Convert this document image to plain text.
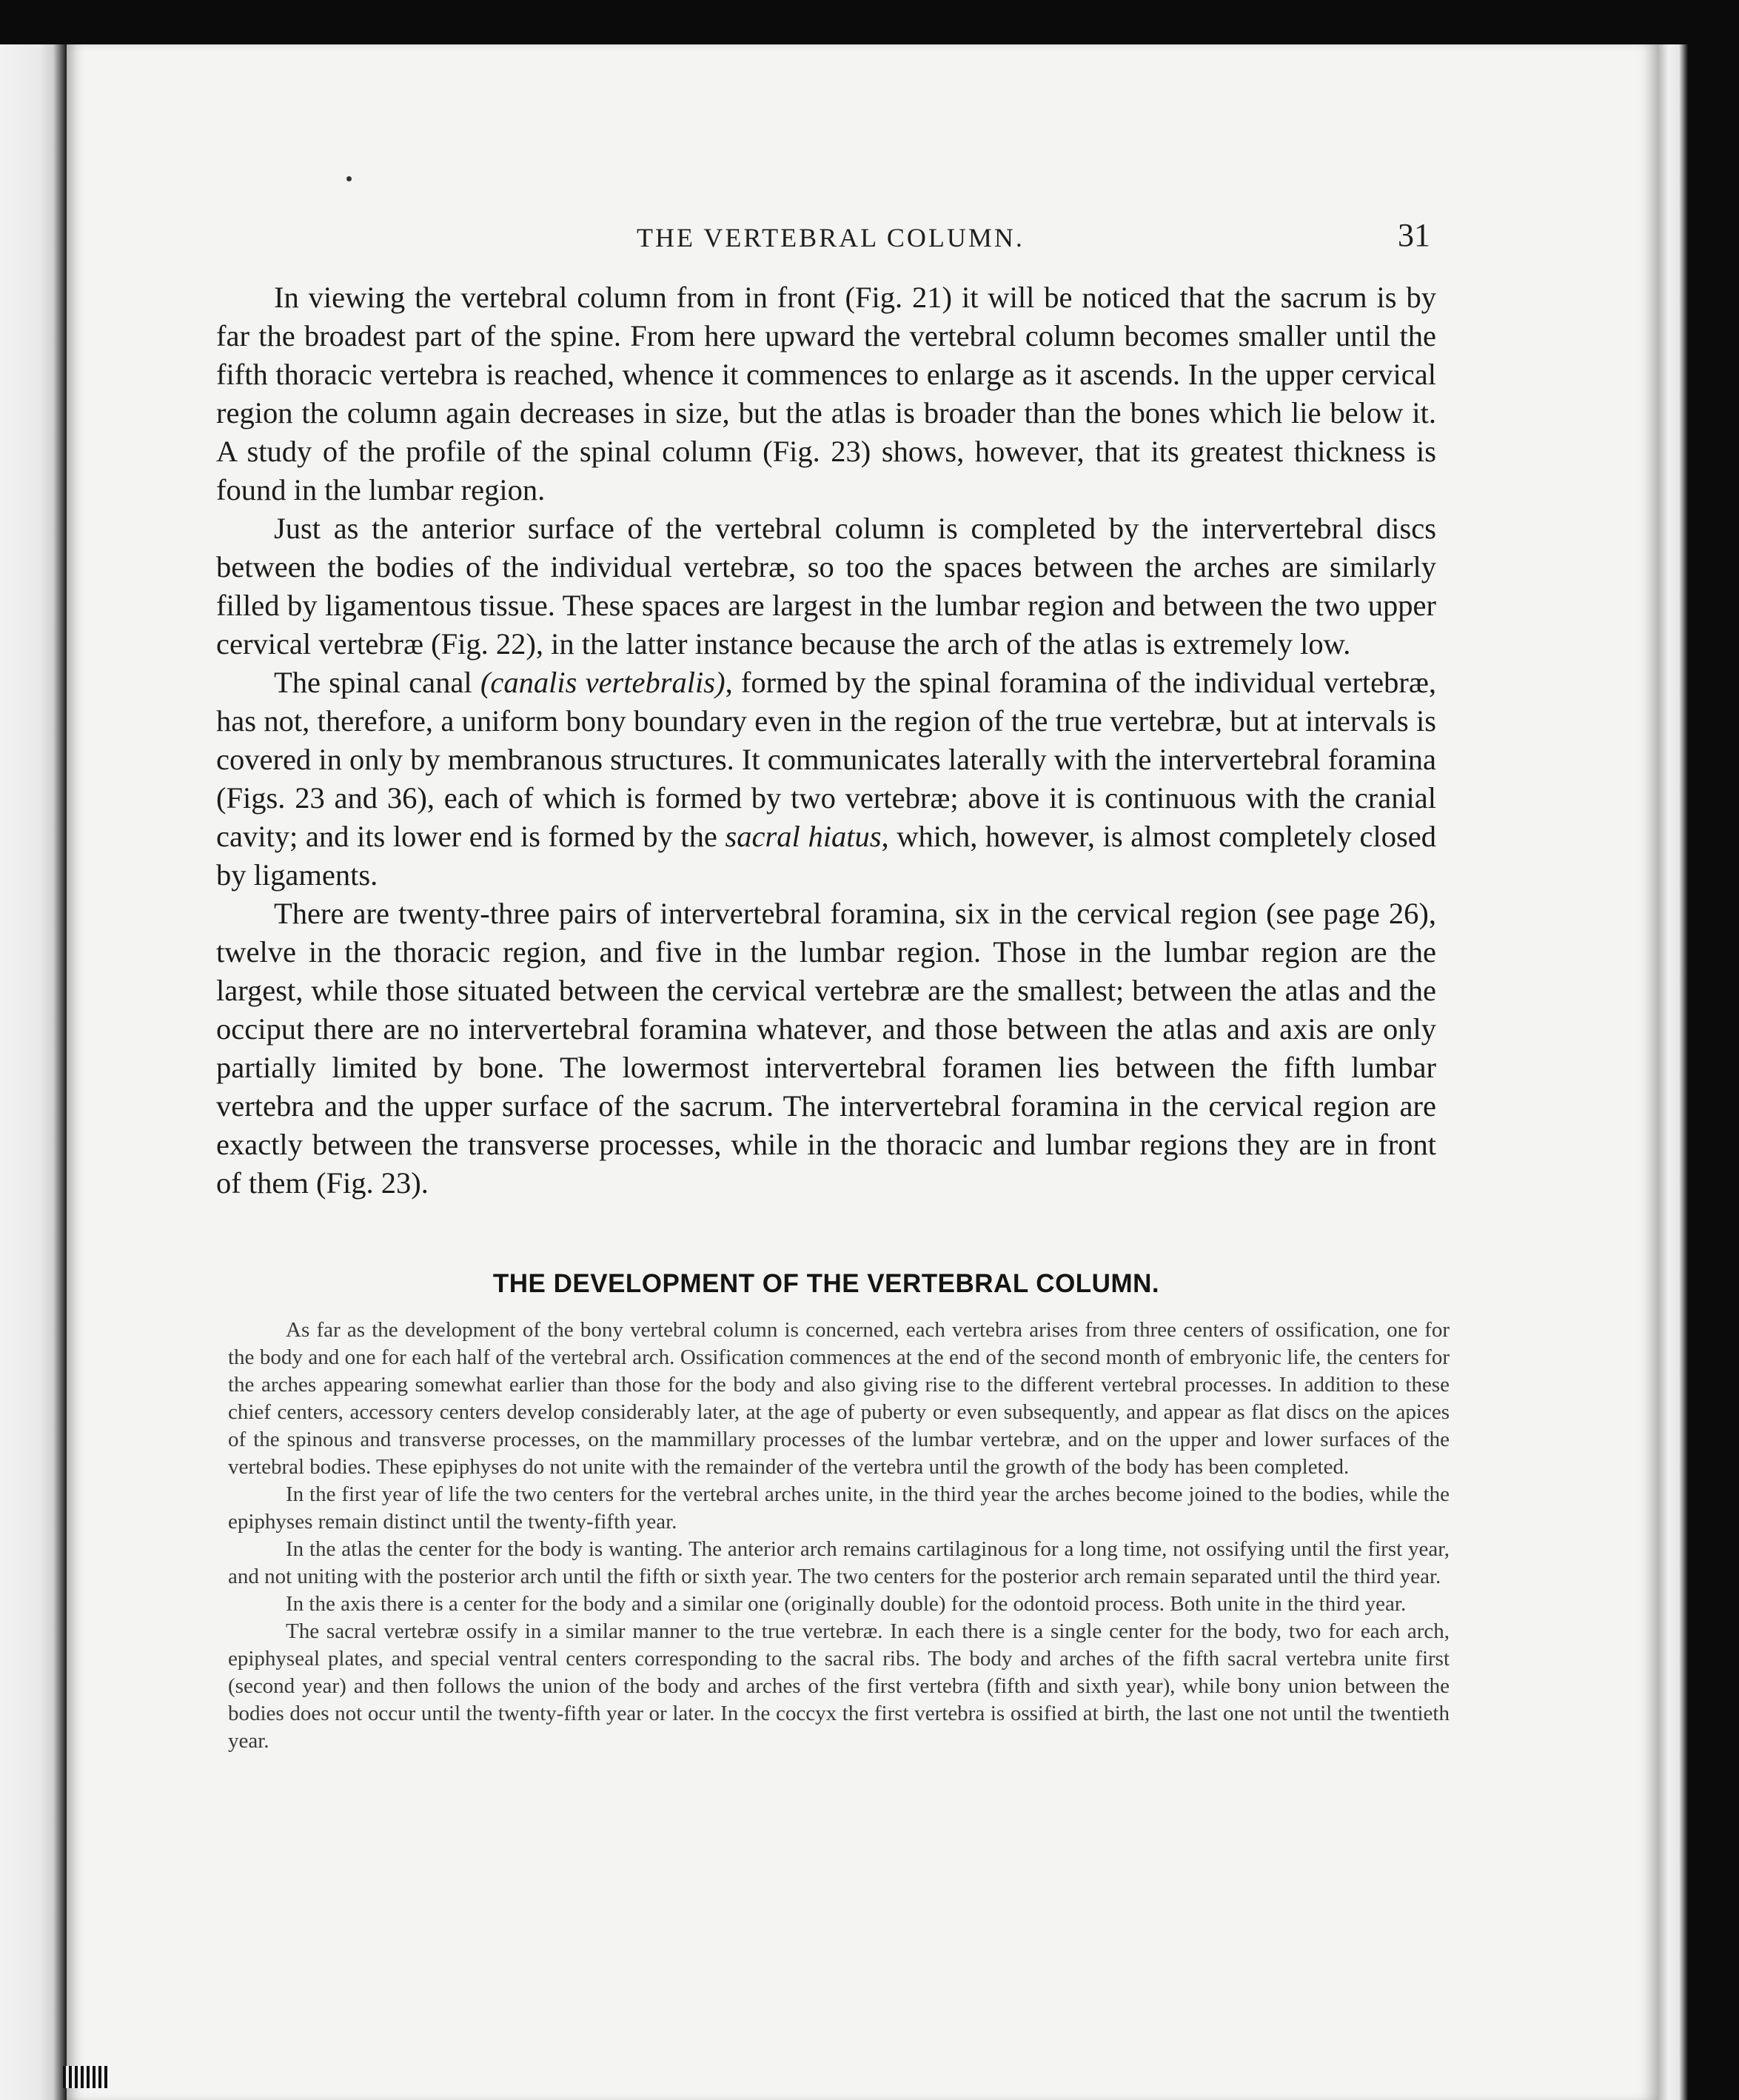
THE VERTEBRAL COLUMN.	31

In viewing the vertebral column from in front (Fig. 21) it will be noticed that the sacrum is by far the broadest part of the spine. From here upward the vertebral column becomes smaller until the fifth thoracic vertebra is reached, whence it commences to enlarge as it ascends. In the upper cervical region the column again decreases in size, but the atlas is broader than the bones which lie below it. A study of the profile of the spinal column (Fig. 23) shows, however, that its greatest thickness is found in the lumbar region.

Just as the anterior surface of the vertebral column is completed by the intervertebral discs between the bodies of the individual vertebræ, so too the spaces between the arches are similarly filled by ligamentous tissue. These spaces are largest in the lumbar region and between the two upper cervical vertebræ (Fig. 22), in the latter instance because the arch of the atlas is extremely low.

The spinal canal (canalis vertebralis), formed by the spinal foramina of the individual vertebræ, has not, therefore, a uniform bony boundary even in the region of the true vertebræ, but at intervals is covered in only by membranous structures. It communicates laterally with the intervertebral foramina (Figs. 23 and 36), each of which is formed by two vertebræ; above it is continuous with the cranial cavity; and its lower end is formed by the sacral hiatus, which, however, is almost completely closed by ligaments.

There are twenty-three pairs of intervertebral foramina, six in the cervical region (see page 26), twelve in the thoracic region, and five in the lumbar region. Those in the lumbar region are the largest, while those situated between the cervical vertebræ are the smallest; between the atlas and the occiput there are no intervertebral foramina whatever, and those between the atlas and axis are only partially limited by bone. The lowermost intervertebral foramen lies between the fifth lumbar vertebra and the upper surface of the sacrum. The intervertebral foramina in the cervical region are exactly between the transverse processes, while in the thoracic and lumbar regions they are in front of them (Fig. 23).

THE DEVELOPMENT OF THE VERTEBRAL COLUMN.

As far as the development of the bony vertebral column is concerned, each vertebra arises from three centers of ossification, one for the body and one for each half of the vertebral arch. Ossification commences at the end of the second month of embryonic life, the centers for the arches appearing somewhat earlier than those for the body and also giving rise to the different vertebral processes. In addition to these chief centers, accessory centers develop considerably later, at the age of puberty or even subsequently, and appear as flat discs on the apices of the spinous and transverse processes, on the mammillary processes of the lumbar vertebræ, and on the upper and lower surfaces of the vertebral bodies. These epiphyses do not unite with the remainder of the vertebra until the growth of the body has been completed.

In the first year of life the two centers for the vertebral arches unite, in the third year the arches become joined to the bodies, while the epiphyses remain distinct until the twenty-fifth year.

In the atlas the center for the body is wanting. The anterior arch remains cartilaginous for a long time, not ossifying until the first year, and not uniting with the posterior arch until the fifth or sixth year. The two centers for the posterior arch remain separated until the third year.

In the axis there is a center for the body and a similar one (originally double) for the odontoid process. Both unite in the third year.

The sacral vertebræ ossify in a similar manner to the true vertebræ. In each there is a single center for the body, two for each arch, epiphyseal plates, and special ventral centers corresponding to the sacral ribs. The body and arches of the fifth sacral vertebra unite first (second year) and then follows the union of the body and arches of the first vertebra (fifth and sixth year), while bony union between the bodies does not occur until the twenty-fifth year or later. In the coccyx the first vertebra is ossified at birth, the last one not until the twentieth year.
